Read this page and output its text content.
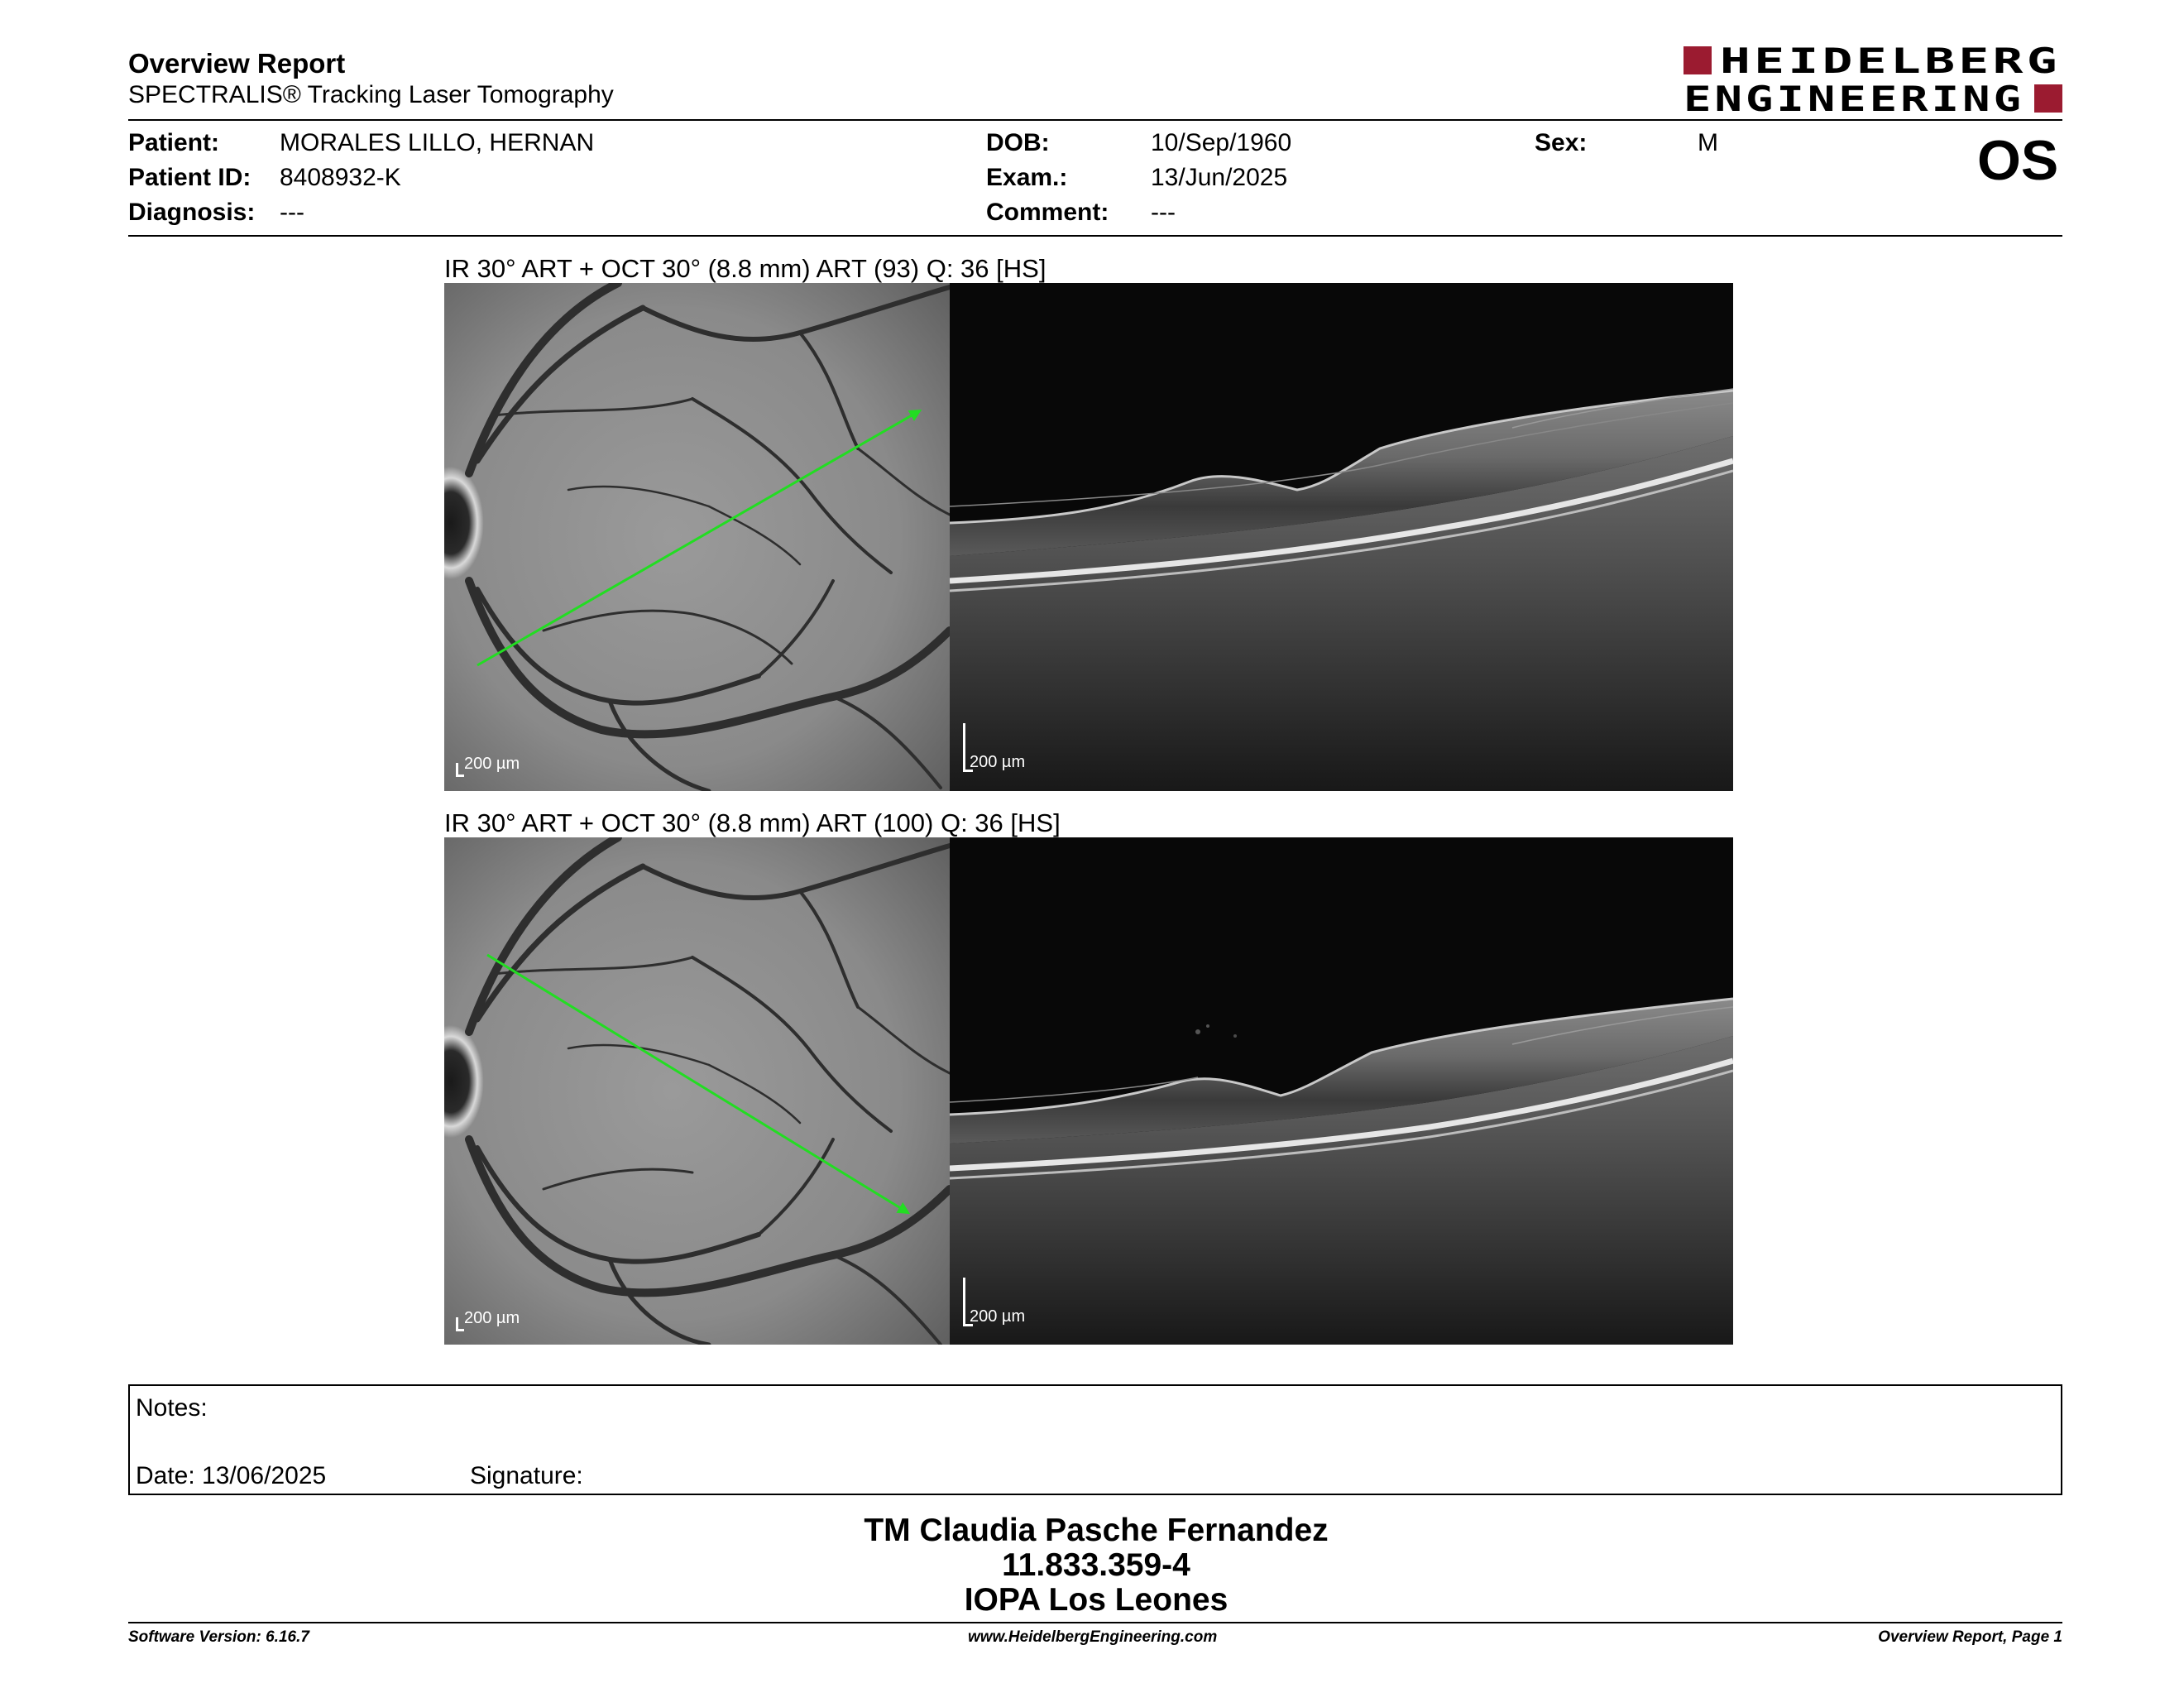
Overview Report
SPECTRALIS® Tracking Laser Tomography
HEIDELBERG
ENGINEERING
Patient: MORALES LILLO, HERNAN
Patient ID: 8408932-K
Diagnosis: ---
DOB:	10/Sep/1960
Exam.:	13/Jun/2025
Comment: ---
Sex:	M	OS
IR 30° ART + OCT 30° (8.8 mm) ART (93) Q: 36 [HS]
200 µm	200 µm
IR 30° ART + OCT 30° (8.8 mm) ART (100) Q: 36 [HS]
200 µm	200 µm
Notes:
Date: 13/06/2025	Signature:
TM Claudia Pasche Fernandez
11.833.359-4
IOPA Los Leones
Software Version: 6.16.7	www.HeidelbergEngineering.com	Overview Report, Page 1
